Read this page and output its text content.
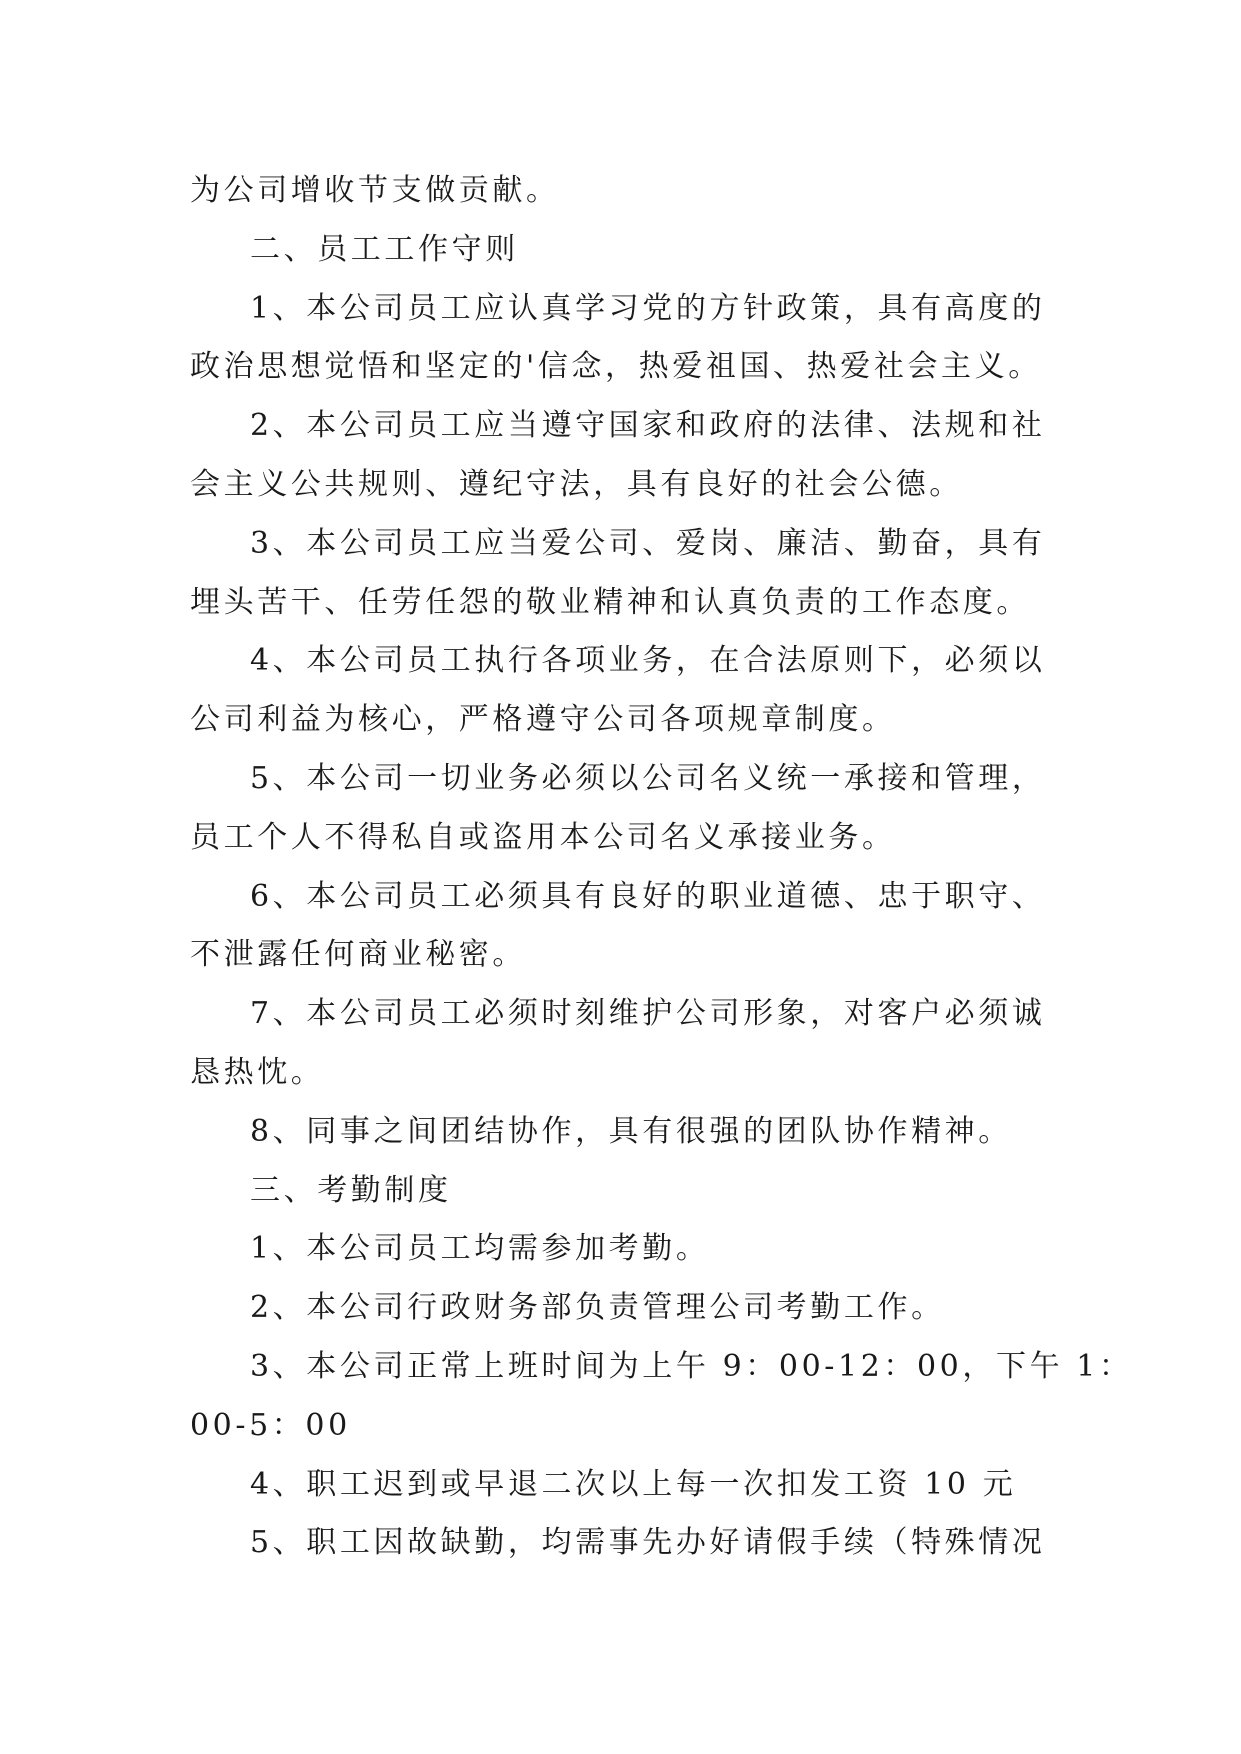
为公司增收节支做贡献。
二、员工工作守则
1、本公司员工应认真学习党的方针政策，具有高度的
政治思想觉悟和坚定的'信念，热爱祖国、热爱社会主义。
2、本公司员工应当遵守国家和政府的法律、法规和社
会主义公共规则、遵纪守法，具有良好的社会公德。
3、本公司员工应当爱公司、爱岗、廉洁、勤奋，具有
埋头苦干、任劳任怨的敬业精神和认真负责的工作态度。
4、本公司员工执行各项业务，在合法原则下，必须以
公司利益为核心，严格遵守公司各项规章制度。
5、本公司一切业务必须以公司名义统一承接和管理，
员工个人不得私自或盗用本公司名义承接业务。
6、本公司员工必须具有良好的职业道德、忠于职守、
不泄露任何商业秘密。
7、本公司员工必须时刻维护公司形象，对客户必须诚
恳热忱。
8、同事之间团结协作，具有很强的团队协作精神。
三、考勤制度
1、本公司员工均需参加考勤。
2、本公司行政财务部负责管理公司考勤工作。
3、本公司正常上班时间为上午 9：00-12：00，下午 1：
00-5：00
4、职工迟到或早退二次以上每一次扣发工资 10 元
5、职工因故缺勤，均需事先办好请假手续（特殊情况
